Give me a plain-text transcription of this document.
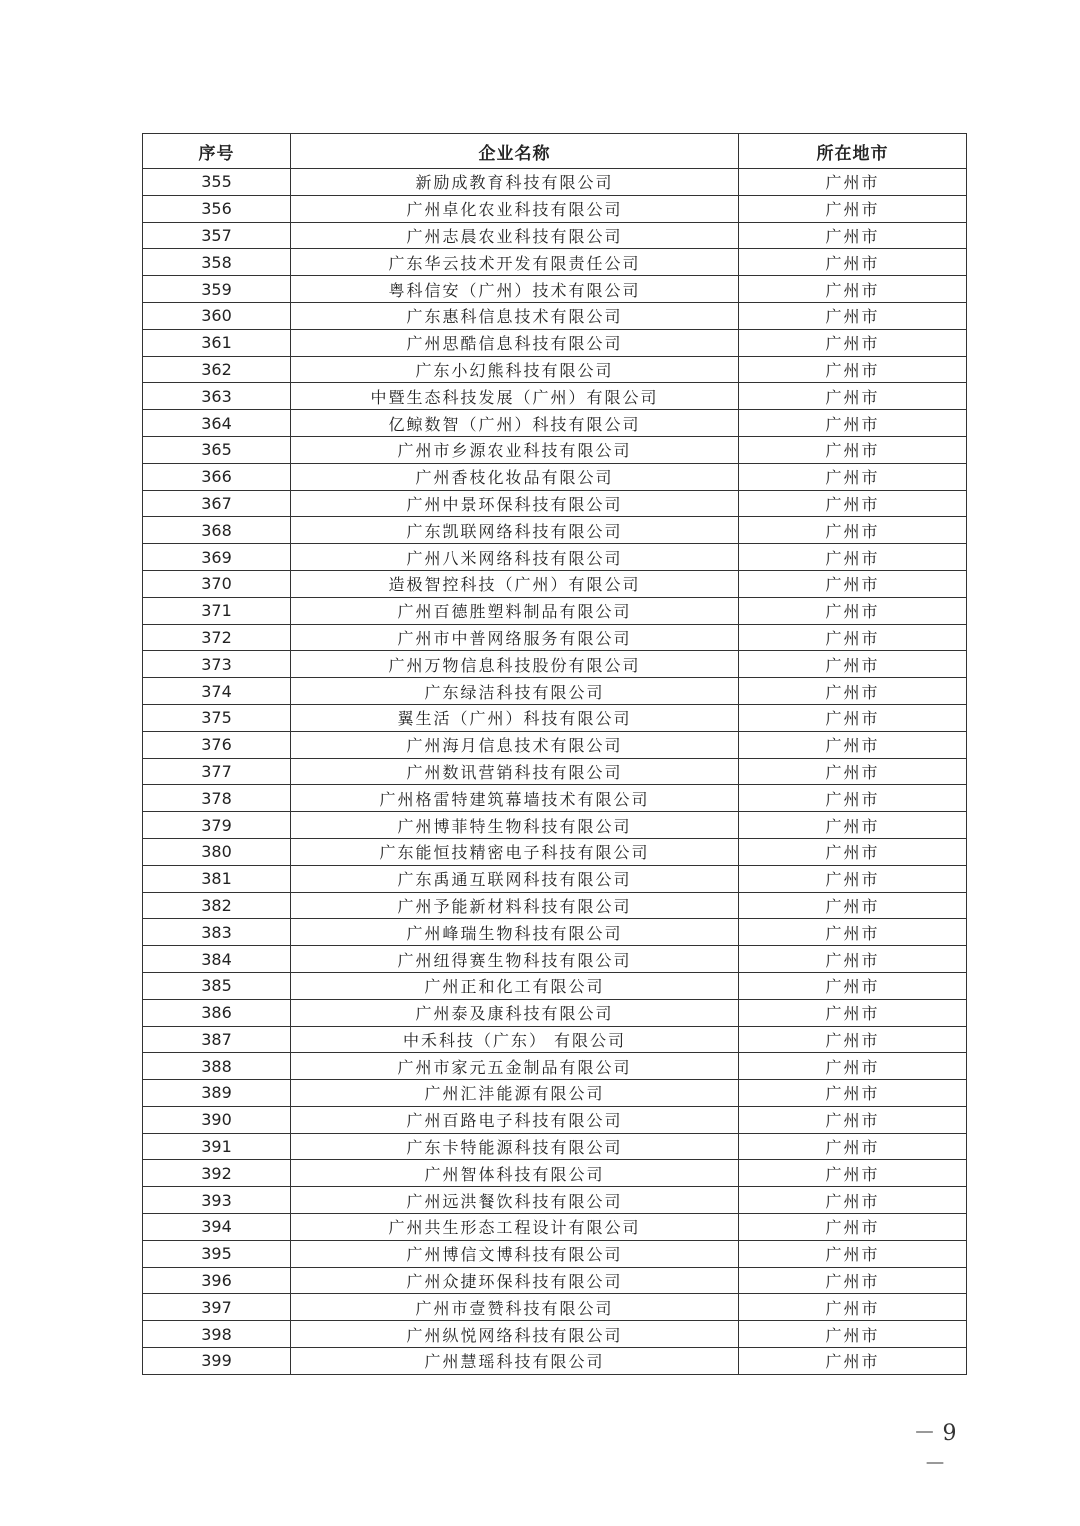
序号	企业名称	所在地市
355	新励成教育科技有限公司	广州市
356	广州卓化农业科技有限公司	广州市
357	广州志晨农业科技有限公司	广州市
358	广东华云技术开发有限责任公司	广州市
359	粤科信安（广州）技术有限公司	广州市
360	广东惠科信息技术有限公司	广州市
361	广州思酷信息科技有限公司	广州市
362	广东小幻熊科技有限公司	广州市
363	中暨生态科技发展（广州）有限公司	广州市
364	亿鲸数智（广州）科技有限公司	广州市
365	广州市乡源农业科技有限公司	广州市
366	广州香枝化妆品有限公司	广州市
367	广州中景环保科技有限公司	广州市
368	广东凯联网络科技有限公司	广州市
369	广州八米网络科技有限公司	广州市
370	造极智控科技（广州）有限公司	广州市
371	广州百德胜塑料制品有限公司	广州市
372	广州市中普网络服务有限公司	广州市
373	广州万物信息科技股份有限公司	广州市
374	广东绿洁科技有限公司	广州市
375	翼生活（广州）科技有限公司	广州市
376	广州海月信息技术有限公司	广州市
377	广州数讯营销科技有限公司	广州市
378	广州格雷特建筑幕墙技术有限公司	广州市
379	广州博菲特生物科技有限公司	广州市
380	广东能恒技精密电子科技有限公司	广州市
381	广东禹通互联网科技有限公司	广州市
382	广州予能新材料科技有限公司	广州市
383	广州峰瑞生物科技有限公司	广州市
384	广州纽得赛生物科技有限公司	广州市
385	广州正和化工有限公司	广州市
386	广州泰及康科技有限公司	广州市
387	中禾科技（广东） 有限公司	广州市
388	广州市家元五金制品有限公司	广州市
389	广州汇沣能源有限公司	广州市
390	广州百路电子科技有限公司	广州市
391	广东卡特能源科技有限公司	广州市
392	广州智体科技有限公司	广州市
393	广州远洪餐饮科技有限公司	广州市
394	广州共生形态工程设计有限公司	广州市
395	广州博信文博科技有限公司	广州市
396	广州众捷环保科技有限公司	广州市
397	广州市壹赞科技有限公司	广州市
398	广州纵悦网络科技有限公司	广州市
399	广州慧瑶科技有限公司	广州市
－ 9 －
